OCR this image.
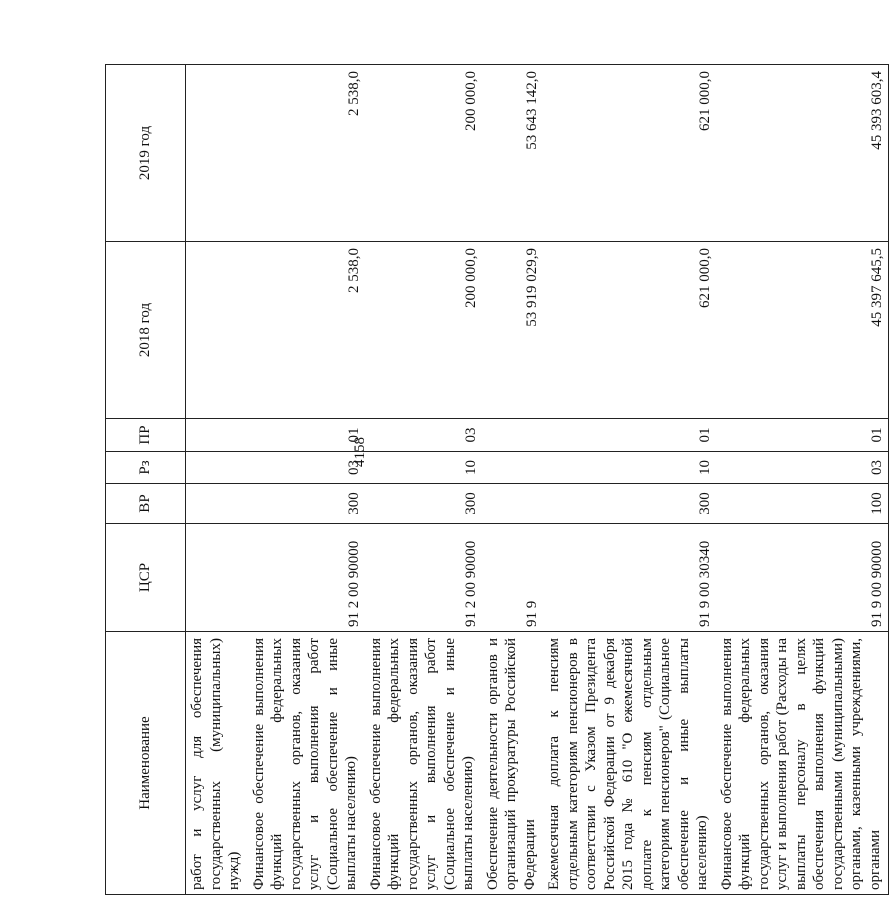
4158
Наименование	ЦСР	ВР	Рз	ПР	2018 год	2019 год
работ и услуг для обеспечения государственных (муниципальных) нужд)						
Финансовое обеспечение выполнения функций федеральных государственных органов, оказания услуг и выполнения работ (Социальное обеспечение и иные выплаты населению)	91 2 00 90000	300	03	01	2 538,0	2 538,0
Финансовое обеспечение выполнения функций федеральных государственных органов, оказания услуг и выполнения работ (Социальное обеспечение и иные выплаты населению)	91 2 00 90000	300	10	03	200 000,0	200 000,0
Обеспечение деятельности органов и организаций прокуратуры Российской Федерации	91 9				53 919 029,9	53 643 142,0
Ежемесячная доплата к пенсиям отдельным категориям пенсионеров в соответствии с Указом Президента Российской Федерации от 9 декабря 2015 года № 610 "О ежемесячной доплате к пенсиям отдельным категориям пенсионеров" (Социальное обеспечение и иные выплаты населению)	91 9 00 30340	300	10	01	621 000,0	621 000,0
Финансовое обеспечение выполнения функций федеральных государственных органов, оказания услуг и выполнения работ (Расходы на выплаты персоналу в целях обеспечения выполнения функций государственными (муниципальными) органами, казенными учреждениями, органами	91 9 00 90000	100	03	01	45 397 645,5	45 393 603,4
